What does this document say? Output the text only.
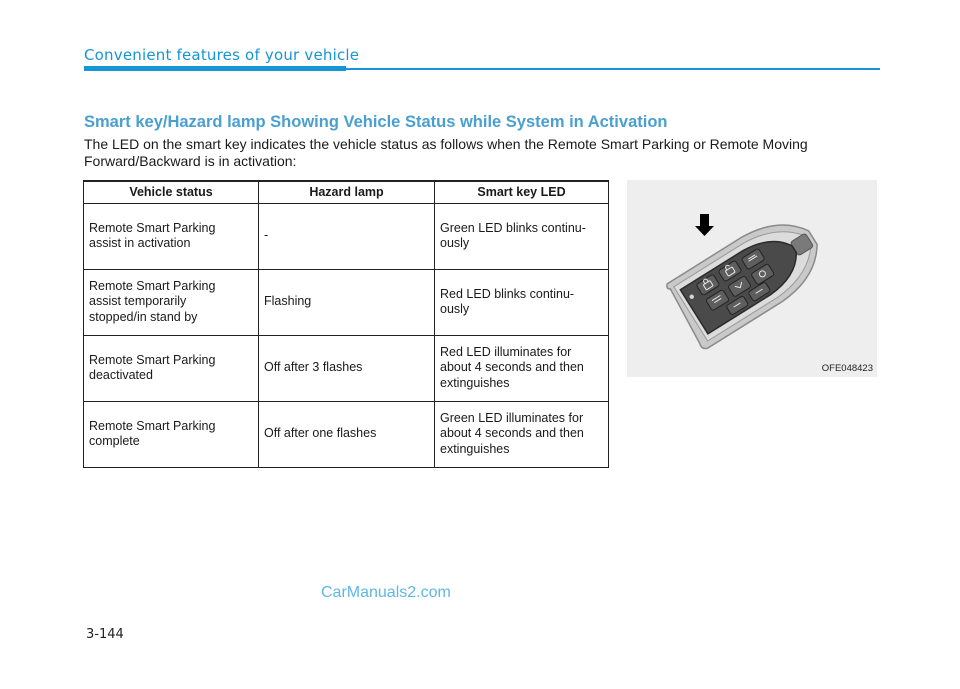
Convenient features of your vehicle
Smart key/Hazard lamp Showing Vehicle Status while System in Activation

The LED on the smart key indicates the vehicle status as follows when the Remote Smart Parking or Remote Moving Forward/Backward is in activation:

Vehicle status	Hazard lamp	Smart key LED

Remote Smart Parking
assist in activation	-	Green LED blinks continu-
ously

Remote Smart Parking
assist temporarily
stopped/in stand by	Flashing	Red LED blinks continu-
ously

Remote Smart Parking
deactivated	Off after 3 flashes	Red LED illuminates for
about 4 seconds and then
extinguishes

Remote Smart Parking
complete	Off after one flashes	Green LED illuminates for
about 4 seconds and then
extinguishes
OFE048423
CarManuals2.com
3-144
